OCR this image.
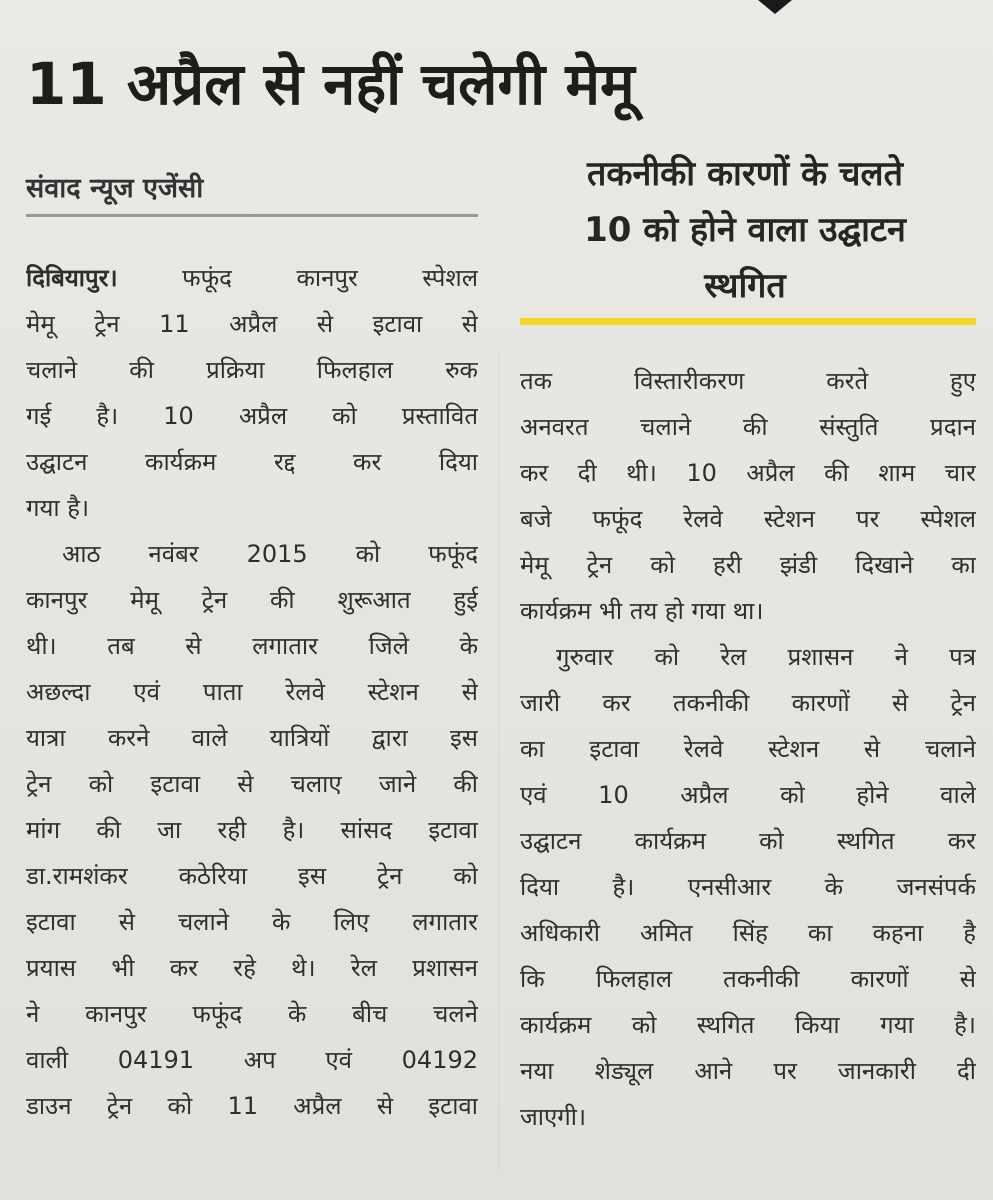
11 अप्रैल से नहीं चलेगी मेमू
संवाद न्यूज एजेंसी	तकनीकी कारणों के चलते
10 को होने वाला उद्घाटन
स्थगित
दिबियापुर। फफूंद कानपुर स्पेशल
मेमू ट्रेन 11 अप्रैल से इटावा से
चलाने की प्रक्रिया फिलहाल रुक
गई है। 10 अप्रैल को प्रस्तावित
उद्घाटन कार्यक्रम रद्द कर दिया
गया है।
आठ नवंबर 2015 को फफूंद
कानपुर मेमू ट्रेन की शुरूआत हुई
थी। तब से लगातार जिले के
अछल्दा एवं पाता रेलवे स्टेशन से
यात्रा करने वाले यात्रियों द्वारा इस
ट्रेन को इटावा से चलाए जाने की
मांग की जा रही है। सांसद इटावा
डा.रामशंकर कठेरिया इस ट्रेन को
इटावा से चलाने के लिए लगातार
प्रयास भी कर रहे थे। रेल प्रशासन
ने कानपुर फफूंद के बीच चलने
वाली 04191 अप एवं 04192
डाउन ट्रेन को 11 अप्रैल से इटावा
तक विस्तारीकरण करते हुए
अनवरत चलाने की संस्तुति प्रदान
कर दी थी। 10 अप्रैल की शाम चार
बजे फफूंद रेलवे स्टेशन पर स्पेशल
मेमू ट्रेन को हरी झंडी दिखाने का
कार्यक्रम भी तय हो गया था।
गुरुवार को रेल प्रशासन ने पत्र
जारी कर तकनीकी कारणों से ट्रेन
का इटावा रेलवे स्टेशन से चलाने
एवं 10 अप्रैल को होने वाले
उद्घाटन कार्यक्रम को स्थगित कर
दिया है। एनसीआर के जनसंपर्क
अधिकारी अमित सिंह का कहना है
कि फिलहाल तकनीकी कारणों से
कार्यक्रम को स्थगित किया गया है।
नया शेड्यूल आने पर जानकारी दी
जाएगी।
